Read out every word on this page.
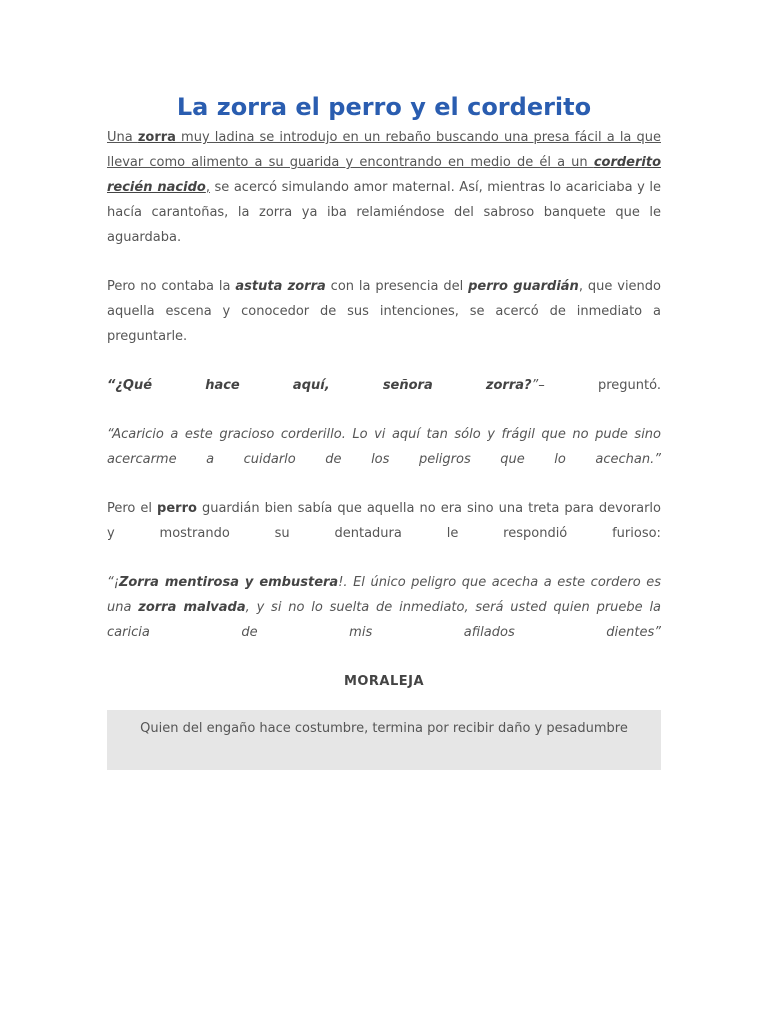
La zorra el perro y el corderito

Una zorra muy ladina se introdujo en un rebaño buscando una presa fácil a la que llevar como alimento a su guarida y encontrando en medio de él a un corderito recién nacido, se acercó simulando amor maternal. Así, mientras lo acariciaba y le hacía carantoñas, la zorra ya iba relamiéndose del sabroso banquete que le aguardaba.

Pero no contaba la astuta zorra con la presencia del perro guardián, que viendo aquella escena y conocedor de sus intenciones, se acercó de inmediato a preguntarle.

“¿Qué	hace	aquí,	señora	zorra?”–	preguntó.

“Acaricio a este gracioso corderillo. Lo vi aquí tan sólo y frágil que no pude sino
acercarme a cuidarlo de los peligros que lo acechan.”
Pero el perro guardián bien sabía que aquella no era sino una treta para devorarlo
y	mostrando	su	dentadura	le	respondió	furioso:
“¡Zorra mentirosa y embustera!. El único peligro que acecha a este cordero es
una zorra malvada, y si no lo suelta de inmediato, será usted quien pruebe la
caricia	de	mis	afilados	dientes”

MORALEJA

Quien del engaño hace costumbre, termina por recibir daño y pesadumbre
